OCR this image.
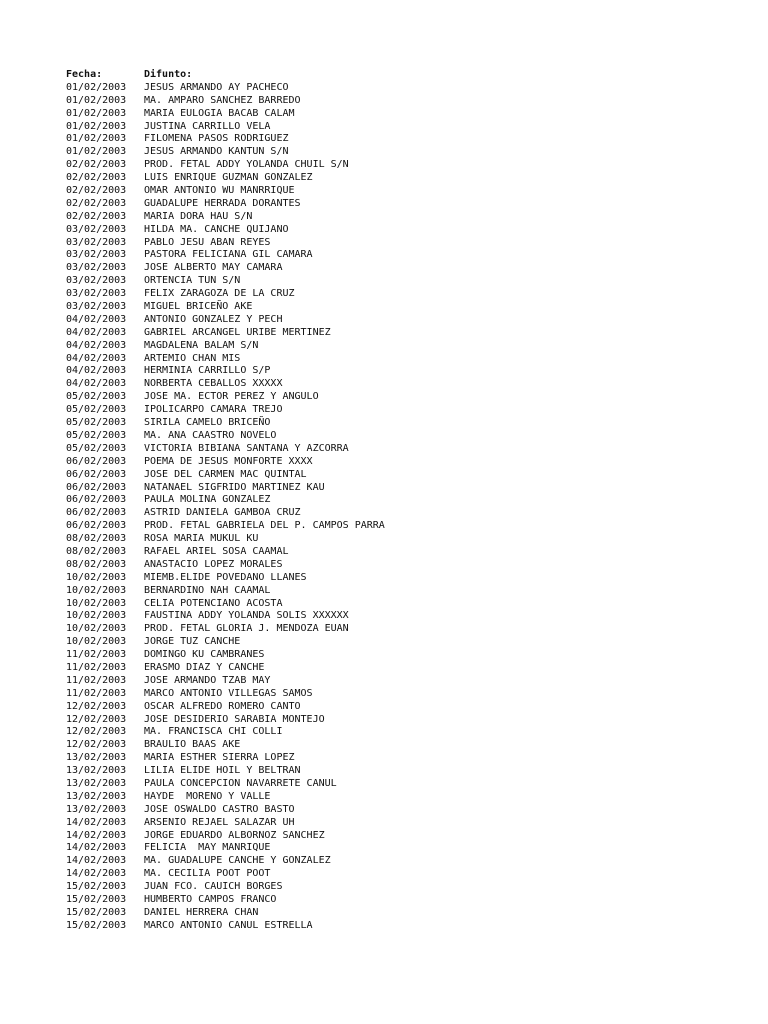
Fecha:	Difunto:
01/02/2003	JESUS ARMANDO AY PACHECO
01/02/2003	MA. AMPARO SANCHEZ BARREDO
01/02/2003	MARIA EULOGIA BACAB CALAM
01/02/2003	JUSTINA CARRILLO VELA
01/02/2003	FILOMENA PASOS RODRIGUEZ
01/02/2003	JESUS ARMANDO KANTUN S/N
02/02/2003	PROD. FETAL ADDY YOLANDA CHUIL S/N
02/02/2003	LUIS ENRIQUE GUZMAN GONZALEZ
02/02/2003	OMAR ANTONIO WU MANRRIQUE
02/02/2003	GUADALUPE HERRADA DORANTES
02/02/2003	MARIA DORA HAU S/N
03/02/2003	HILDA MA. CANCHE QUIJANO
03/02/2003	PABLO JESU ABAN REYES
03/02/2003	PASTORA FELICIANA GIL CAMARA
03/02/2003	JOSE ALBERTO MAY CAMARA
03/02/2003	ORTENCIA TUN S/N
03/02/2003	FELIX ZARAGOZA DE LA CRUZ
03/02/2003	MIGUEL BRICEÑO AKE
04/02/2003	ANTONIO GONZALEZ Y PECH
04/02/2003	GABRIEL ARCANGEL URIBE MERTINEZ
04/02/2003	MAGDALENA BALAM S/N
04/02/2003	ARTEMIO CHAN MIS
04/02/2003	HERMINIA CARRILLO S/P
04/02/2003	NORBERTA CEBALLOS XXXXX
05/02/2003	JOSE MA. ECTOR PEREZ Y ANGULO
05/02/2003	IPOLICARPO CAMARA TREJO
05/02/2003	SIRILA CAMELO BRICEÑO
05/02/2003	MA. ANA CAASTRO NOVELO
05/02/2003	VICTORIA BIBIANA SANTANA Y AZCORRA
06/02/2003	POEMA DE JESUS MONFORTE XXXX
06/02/2003	JOSE DEL CARMEN MAC QUINTAL
06/02/2003	NATANAEL SIGFRIDO MARTINEZ KAU
06/02/2003	PAULA MOLINA GONZALEZ
06/02/2003	ASTRID DANIELA GAMBOA CRUZ
06/02/2003	PROD. FETAL GABRIELA DEL P. CAMPOS PARRA
08/02/2003	ROSA MARIA MUKUL KU
08/02/2003	RAFAEL ARIEL SOSA CAAMAL
08/02/2003	ANASTACIO LOPEZ MORALES
10/02/2003	MIEMB.ELIDE POVEDANO LLANES
10/02/2003	BERNARDINO NAH CAAMAL
10/02/2003	CELIA POTENCIANO ACOSTA
10/02/2003	FAUSTINA ADDY YOLANDA SOLIS XXXXXX
10/02/2003	PROD. FETAL GLORIA J. MENDOZA EUAN
10/02/2003	JORGE TUZ CANCHE
11/02/2003	DOMINGO KU CAMBRANES
11/02/2003	ERASMO DIAZ Y CANCHE
11/02/2003	JOSE ARMANDO TZAB MAY
11/02/2003	MARCO ANTONIO VILLEGAS SAMOS
12/02/2003	OSCAR ALFREDO ROMERO CANTO
12/02/2003	JOSE DESIDERIO SARABIA MONTEJO
12/02/2003	MA. FRANCISCA CHI COLLI
12/02/2003	BRAULIO BAAS AKE
13/02/2003	MARIA ESTHER SIERRA LOPEZ
13/02/2003	LILIA ELIDE HOIL Y BELTRAN
13/02/2003	PAULA CONCEPCION NAVARRETE CANUL
13/02/2003	HAYDE  MORENO Y VALLE
13/02/2003	JOSE OSWALDO CASTRO BASTO
14/02/2003	ARSENIO REJAEL SALAZAR UH
14/02/2003	JORGE EDUARDO ALBORNOZ SANCHEZ
14/02/2003	FELICIA  MAY MANRIQUE
14/02/2003	MA. GUADALUPE CANCHE Y GONZALEZ
14/02/2003	MA. CECILIA POOT POOT
15/02/2003	JUAN FCO. CAUICH BORGES
15/02/2003	HUMBERTO CAMPOS FRANCO
15/02/2003	DANIEL HERRERA CHAN
15/02/2003	MARCO ANTONIO CANUL ESTRELLA
